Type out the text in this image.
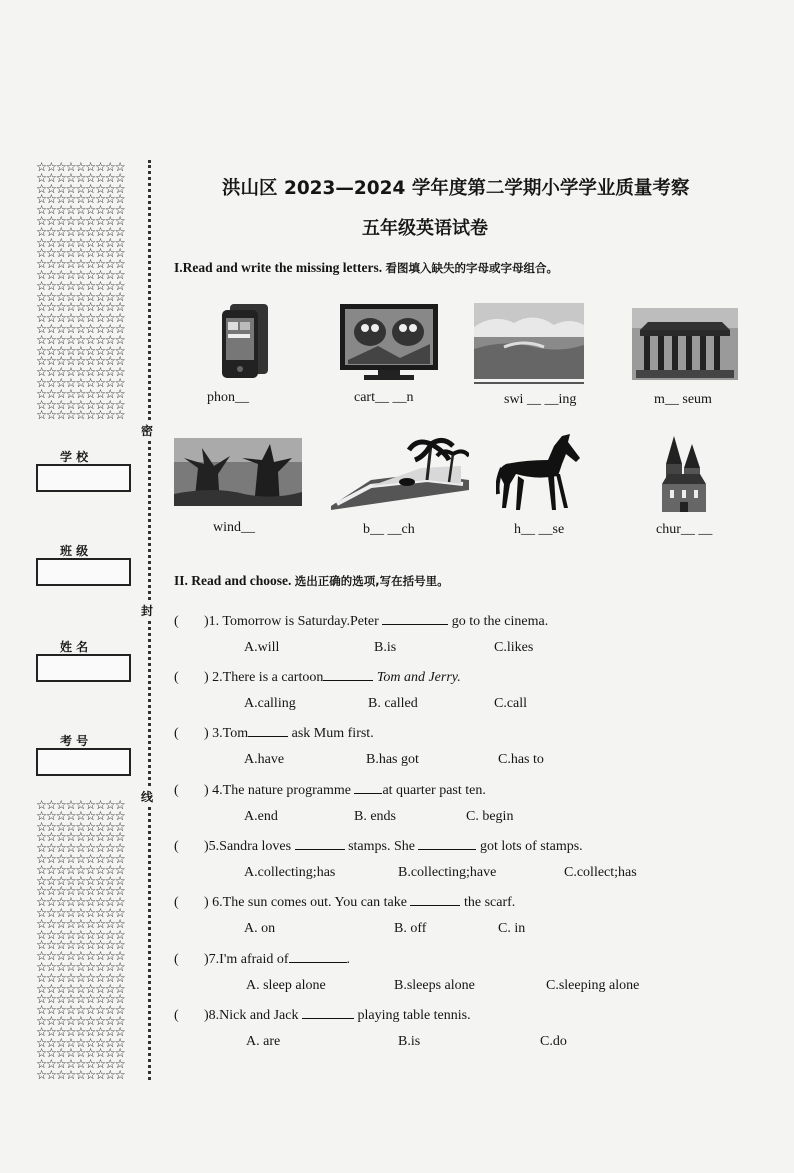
☆☆☆☆☆☆☆☆☆
☆☆☆☆☆☆☆☆☆
☆☆☆☆☆☆☆☆☆
☆☆☆☆☆☆☆☆☆
☆☆☆☆☆☆☆☆☆
☆☆☆☆☆☆☆☆☆
☆☆☆☆☆☆☆☆☆
☆☆☆☆☆☆☆☆☆
☆☆☆☆☆☆☆☆☆
☆☆☆☆☆☆☆☆☆
☆☆☆☆☆☆☆☆☆
☆☆☆☆☆☆☆☆☆
☆☆☆☆☆☆☆☆☆
☆☆☆☆☆☆☆☆☆
☆☆☆☆☆☆☆☆☆
☆☆☆☆☆☆☆☆☆
☆☆☆☆☆☆☆☆☆
☆☆☆☆☆☆☆☆☆
☆☆☆☆☆☆☆☆☆
☆☆☆☆☆☆☆☆☆
☆☆☆☆☆☆☆☆☆
☆☆☆☆☆☆☆☆☆
☆☆☆☆☆☆☆☆☆
☆☆☆☆☆☆☆☆☆
学 校
班 级
姓 名
考 号
☆☆☆☆☆☆☆☆☆
☆☆☆☆☆☆☆☆☆
☆☆☆☆☆☆☆☆☆
☆☆☆☆☆☆☆☆☆
☆☆☆☆☆☆☆☆☆
☆☆☆☆☆☆☆☆☆
☆☆☆☆☆☆☆☆☆
☆☆☆☆☆☆☆☆☆
☆☆☆☆☆☆☆☆☆
☆☆☆☆☆☆☆☆☆
☆☆☆☆☆☆☆☆☆
☆☆☆☆☆☆☆☆☆
☆☆☆☆☆☆☆☆☆
☆☆☆☆☆☆☆☆☆
☆☆☆☆☆☆☆☆☆
☆☆☆☆☆☆☆☆☆
☆☆☆☆☆☆☆☆☆
☆☆☆☆☆☆☆☆☆
☆☆☆☆☆☆☆☆☆
☆☆☆☆☆☆☆☆☆
☆☆☆☆☆☆☆☆☆
☆☆☆☆☆☆☆☆☆
☆☆☆☆☆☆☆☆☆
☆☆☆☆☆☆☆☆☆
☆☆☆☆☆☆☆☆☆
☆☆☆☆☆☆☆☆☆
密
封
线
洪山区 2023—2024 学年度第二学期小学学业质量考察
五年级英语试卷
I.Read and write the missing letters. 看图填入缺失的字母或字母组合。
phon__	cart__ __n	swi __ __ing	m__ seum
wind__	b__ __ch	h__ __se	chur__ __
II. Read and choose. 选出正确的选项,写在括号里。
( )1. Tomorrow is Saturday.Peter	go to the cinema.
A.will	B.is	C.likes
( ) 2.There is a cartoon	Tom and Jerry.
A.calling	B. called	C.call
( ) 3.Tom	ask Mum first.
A.have	B.has got	C.has to
( ) 4.The nature programme at quarter past ten.
A.end	B. ends	C. begin
( )5.Sandra loves	stamps. She	got lots of stamps.
A.collecting;has	B.collecting;have	C.collect;has
( ) 6.The sun comes out. You can take	the scarf.
A. on	B. off	C. in
( )7.I'm afraid of	.
A. sleep alone	B.sleeps alone	C.sleeping alone
( )8.Nick and Jack	playing table tennis.
A. are	B.is	C.do
